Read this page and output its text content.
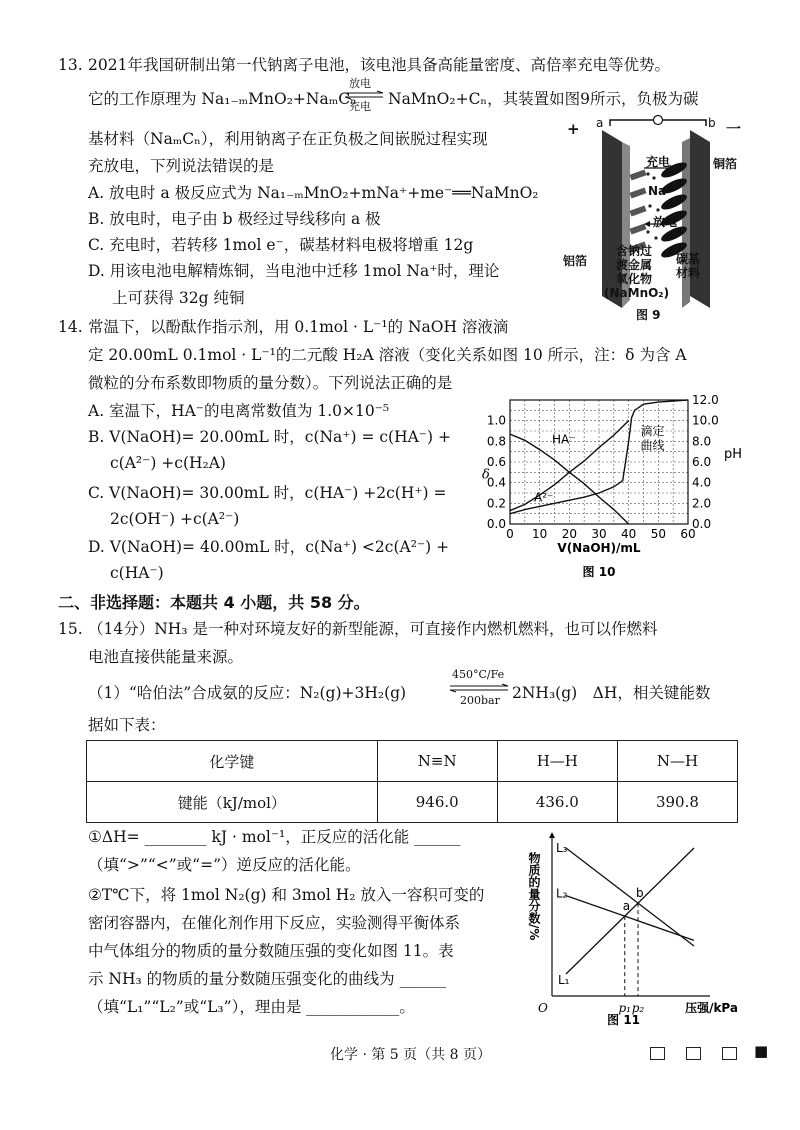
13. 2021年我国研制出第一代钠离子电池，该电池具备高能量密度、高倍率充电等优势。
它的工作原理为 Na₁₋ₘMnO₂+NaₘCₙ
放电
充电 NaMnO₂+Cₙ，其装置如图9所示，负极为碳
基材料（NaₘCₙ），利用钠离子在正负极之间嵌脱过程实现
充放电，下列说法错误的是
A. 放电时 a 极反应式为 Na₁₋ₘMnO₂+mNa⁺+me⁻══NaMnO₂
B. 放电时，电子由 b 极经过导线移向 a 极
C. 充电时，若转移 1mol e⁻，碳基材料电极将增重 12g
D. 用该电池电解精炼铜，当电池中迁移 1mol Na⁺时，理论
上可获得 32g 纯铜
+	一
a	b
充电
Na⁺
放电
铜箔
铝箔
含钠过
渡金属
氧化物
(NaMnO₂)
碳基
材料
图 9
14. 常温下，以酚酞作指示剂，用 0.1mol · L⁻¹的 NaOH 溶液滴
定 20.00mL 0.1mol · L⁻¹的二元酸 H₂A 溶液（变化关系如图 10 所示，注：δ 为含 A
微粒的分布系数即物质的量分数）。下列说法正确的是
A. 室温下，HA⁻的电离常数值为 1.0×10⁻⁵
B. V(NaOH)= 20.00mL 时，c(Na⁺) = c(HA⁻) +
c(A²⁻) +c(H₂A)
C. V(NaOH)= 30.00mL 时，c(HA⁻) +2c(H⁺) =
2c(OH⁻) +c(A²⁻)
D. V(NaOH)= 40.00mL 时，c(Na⁺) <2c(A²⁻) +
c(HA⁻)
0 10 20 30 40 50 60
0.0
0.2
0.4
0.6
0.8
1.0
0.0
2.0
4.0
6.0
8.0
10.0
12.0
HA⁻
A²⁻
滴定
曲线
δ
pH
V(NaOH)/mL
图 10
二、非选择题：本题共 4 小题，共 58 分。
15. （14分）NH₃ 是一种对环境友好的新型能源，可直接作内燃机燃料，也可以作燃料
电池直接供能量来源。
（1）“哈伯法”合成氨的反应：N₂(g)+3H₂(g)
450°C/Fe
200bar 2NH₃(g)　ΔH，相关键能数
据如下表：
化学键	N≡N	H—H	N—H
键能（kJ/mol）	946.0	436.0	390.8
①ΔH= ________ kJ · mol⁻¹，正反应的活化能 ______
（填“>”“<”或“=”）逆反应的活化能。
②T℃下，将 1mol N₂(g) 和 3mol H₂ 放入一容积可变的
密闭容器内，在催化剂作用下反应，实验测得平衡体系
中气体组分的物质的量分数随压强的变化如图 11。表
示 NH₃ 的物质的量分数随压强变化的曲线为 ______
（填“L₁”“L₂”或“L₃”），理由是 ____________。
L₃
L₂
L₁
a
p₁
b
p₂
O	压强/kPa
物质的量分数/%
图 11
化学 · 第 5 页（共 8 页）	■
